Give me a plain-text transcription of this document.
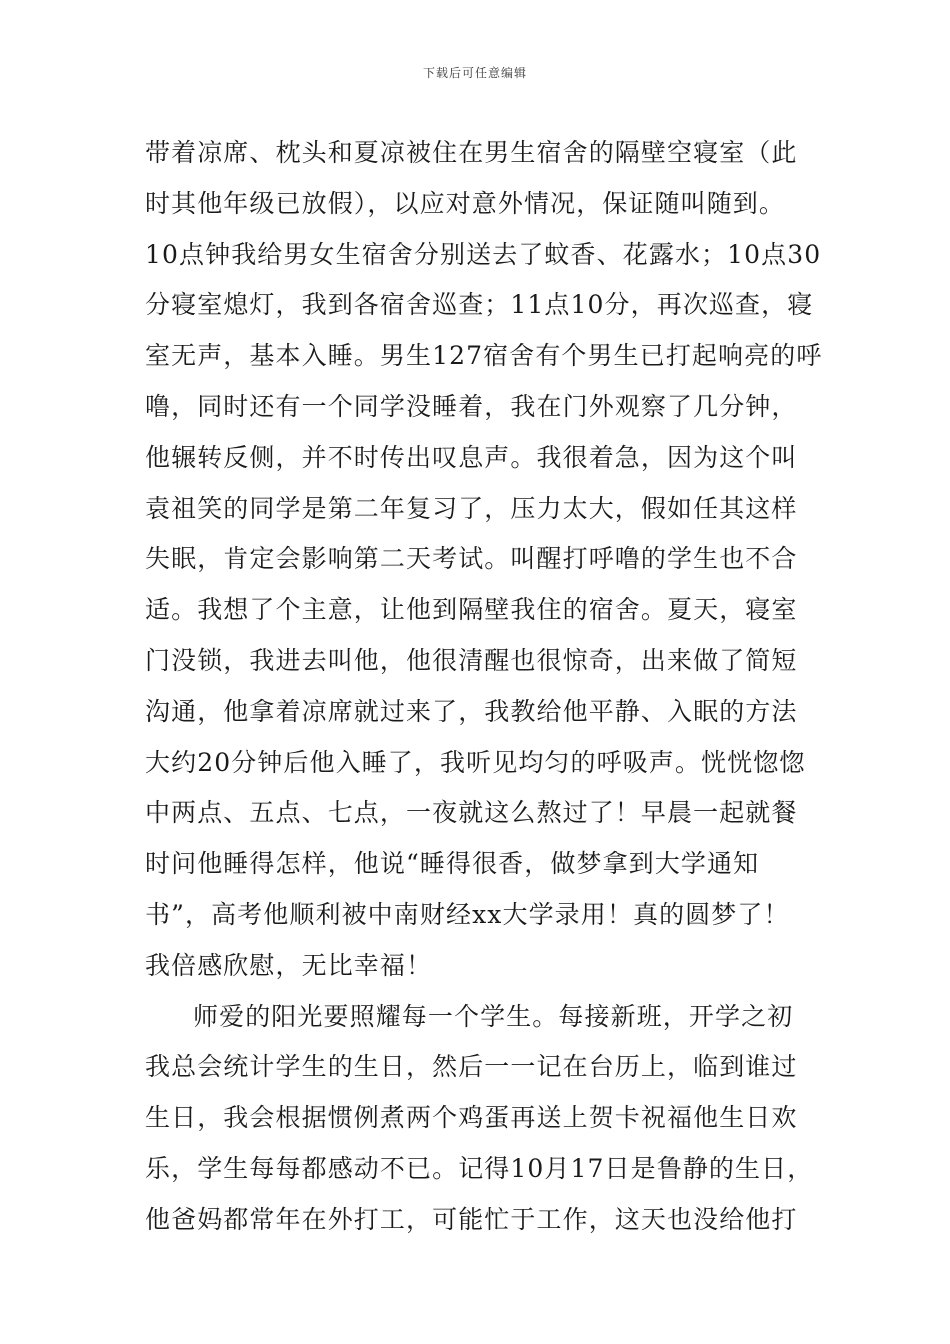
下载后可任意编辑
带着凉席、枕头和夏凉被住在男生宿舍的隔壁空寝室（此
时其他年级已放假），以应对意外情况，保证随叫随到。
10点钟我给男女生宿舍分别送去了蚊香、花露水；10点30
分寝室熄灯，我到各宿舍巡查；11点10分，再次巡查，寝
室无声，基本入睡。男生127宿舍有个男生已打起响亮的呼
噜，同时还有一个同学没睡着，我在门外观察了几分钟，
他辗转反侧，并不时传出叹息声。我很着急，因为这个叫
袁祖笑的同学是第二年复习了，压力太大，假如任其这样
失眠，肯定会影响第二天考试。叫醒打呼噜的学生也不合
适。我想了个主意，让他到隔壁我住的宿舍。夏天，寝室
门没锁，我进去叫他，他很清醒也很惊奇，出来做了简短
沟通，他拿着凉席就过来了，我教给他平静、入眠的方法
大约20分钟后他入睡了，我听见均匀的呼吸声。恍恍惚惚
中两点、五点、七点，一夜就这么熬过了！早晨一起就餐
时问他睡得怎样，他说“睡得很香，做梦拿到大学通知
书”，高考他顺利被中南财经xx大学录用！真的圆梦了！
我倍感欣慰，无比幸福！
师爱的阳光要照耀每一个学生。每接新班，开学之初
我总会统计学生的生日，然后一一记在台历上，临到谁过
生日，我会根据惯例煮两个鸡蛋再送上贺卡祝福他生日欢
乐，学生每每都感动不已。记得10月17日是鲁静的生日，
他爸妈都常年在外打工，可能忙于工作，这天也没给他打
